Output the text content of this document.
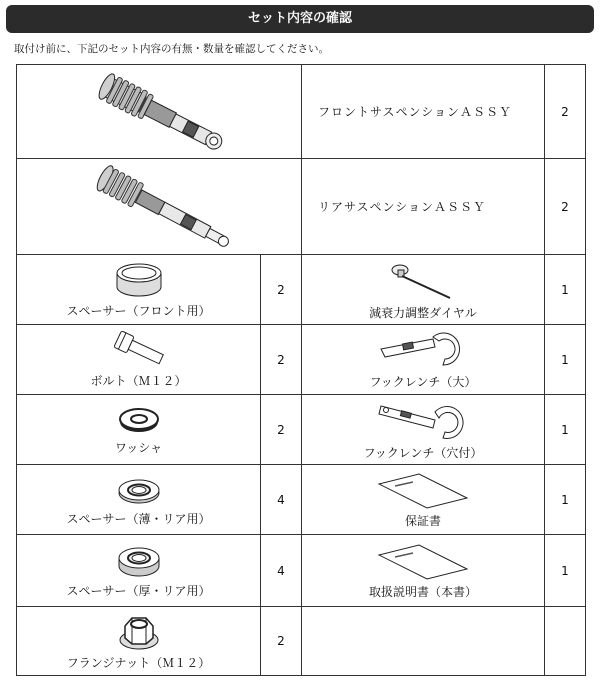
セット内容の確認
取付け前に、下記のセット内容の有無・数量を確認してください。
	フロントサスペンションＡＳＳＹ	2

	リアサスペンションＡＳＳＹ	2

スペーサー（フロント用）	2	減衰力調整ダイヤル	1

ボルト（Ｍ１２）	2	フックレンチ（大）	1

ワッシャ	2	フックレンチ（穴付）	1

スペーサー（薄・リア用）	4	保証書	1

スペーサー（厚・リア用）	4	取扱説明書（本書）	1

フランジナット（Ｍ１２）	2		
